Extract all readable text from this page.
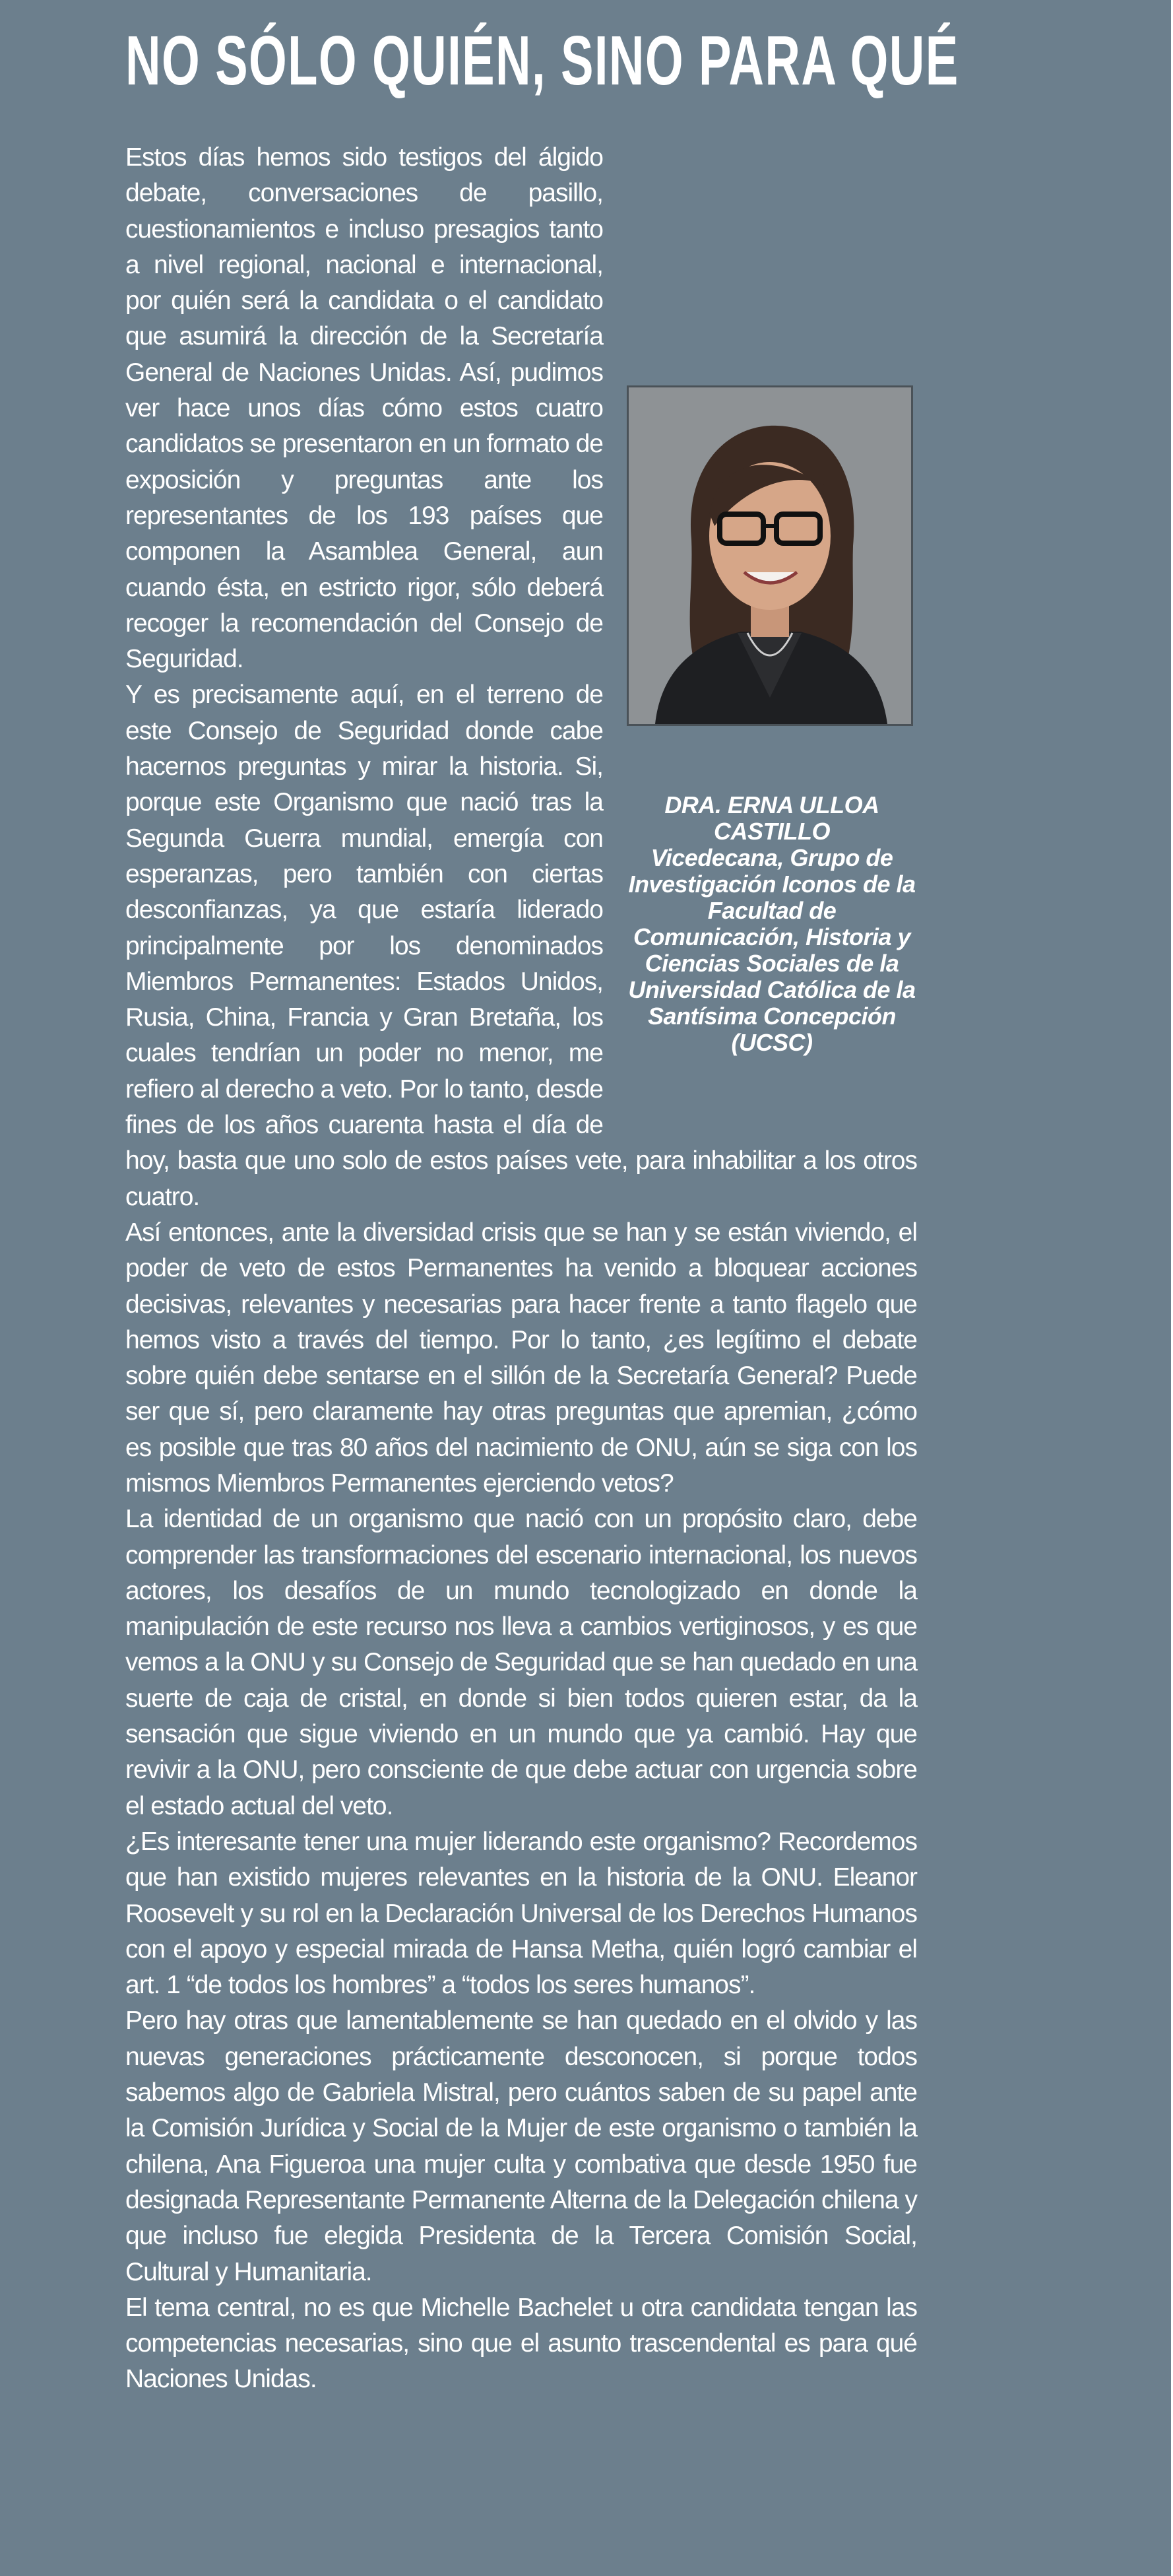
NO SÓLO QUIÉN, SINO PARA QUÉ
DRA. ERNA ULLOA CASTILLO
Vicedecana, Grupo de Investigación Iconos de la Facultad de Comunicación, Historia y Ciencias Sociales de la Universidad Católica de la Santísima Concepción (UCSC)

Estos días hemos sido testigos del álgido debate, conversaciones de pasillo, cuestionamientos e incluso presagios tanto a nivel regional, nacional e internacional, por quién será la candidata o el candidato que asumirá la dirección de la Secretaría General de Naciones Unidas. Así, pudimos ver hace unos días cómo estos cuatro candidatos se presentaron en un formato de exposición y preguntas ante los representantes de los 193 países que componen la Asamblea General, aun cuando ésta, en estricto rigor, sólo deberá recoger la recomendación del Consejo de Seguridad.

Y es precisamente aquí, en el terreno de este Consejo de Seguridad donde cabe hacernos preguntas y mirar la historia. Si, porque este Organismo que nació tras la Segunda Guerra mundial, emergía con esperanzas, pero también con ciertas desconfianzas, ya que estaría liderado principalmente por los denominados Miembros Permanentes: Estados Unidos, Rusia, China, Francia y Gran Bretaña, los cuales tendrían un poder no menor, me refiero al derecho a veto. Por lo tanto, desde fines de los años cuarenta hasta el día de hoy, basta que uno solo de estos países vete, para inhabilitar a los otros cuatro.

Así entonces, ante la diversidad crisis que se han y se están viviendo, el poder de veto de estos Permanentes ha venido a bloquear acciones decisivas, relevantes y necesarias para hacer frente a tanto flagelo que hemos visto a través del tiempo. Por lo tanto, ¿es legítimo el debate sobre quién debe sentarse en el sillón de la Secretaría General? Puede ser que sí, pero claramente hay otras preguntas que apremian, ¿cómo es posible que tras 80 años del nacimiento de ONU, aún se siga con los mismos Miembros Permanentes ejerciendo vetos?

La identidad de un organismo que nació con un propósito claro, debe comprender las transformaciones del escenario internacional, los nuevos actores, los desafíos de un mundo tecnologizado en donde la manipulación de este recurso nos lleva a cambios vertiginosos, y es que vemos a la ONU y su Consejo de Seguridad que se han quedado en una suerte de caja de cristal, en donde si bien todos quieren estar, da la sensación que sigue viviendo en un mundo que ya cambió. Hay que revivir a la ONU, pero consciente de que debe actuar con urgencia sobre el estado actual del veto.

¿Es interesante tener una mujer liderando este organismo? Recordemos que han existido mujeres relevantes en la historia de la ONU. Eleanor Roosevelt y su rol en la Declaración Universal de los Derechos Humanos con el apoyo y especial mirada de Hansa Metha, quién logró cambiar el art. 1 “de todos los hombres” a “todos los seres humanos”.

Pero hay otras que lamentablemente se han quedado en el olvido y las nuevas generaciones prácticamente desconocen, si porque todos sabemos algo de Gabriela Mistral, pero cuántos saben de su papel ante la Comisión Jurídica y Social de la Mujer de este organismo o también la chilena, Ana Figueroa una mujer culta y combativa que desde 1950 fue designada Representante Permanente Alterna de la Delegación chilena y que incluso fue elegida Presidenta de la Tercera Comisión Social, Cultural y Humanitaria.

El tema central, no es que Michelle Bachelet u otra candidata tengan las competencias necesarias, sino que el asunto trascendental es para qué Naciones Unidas.
